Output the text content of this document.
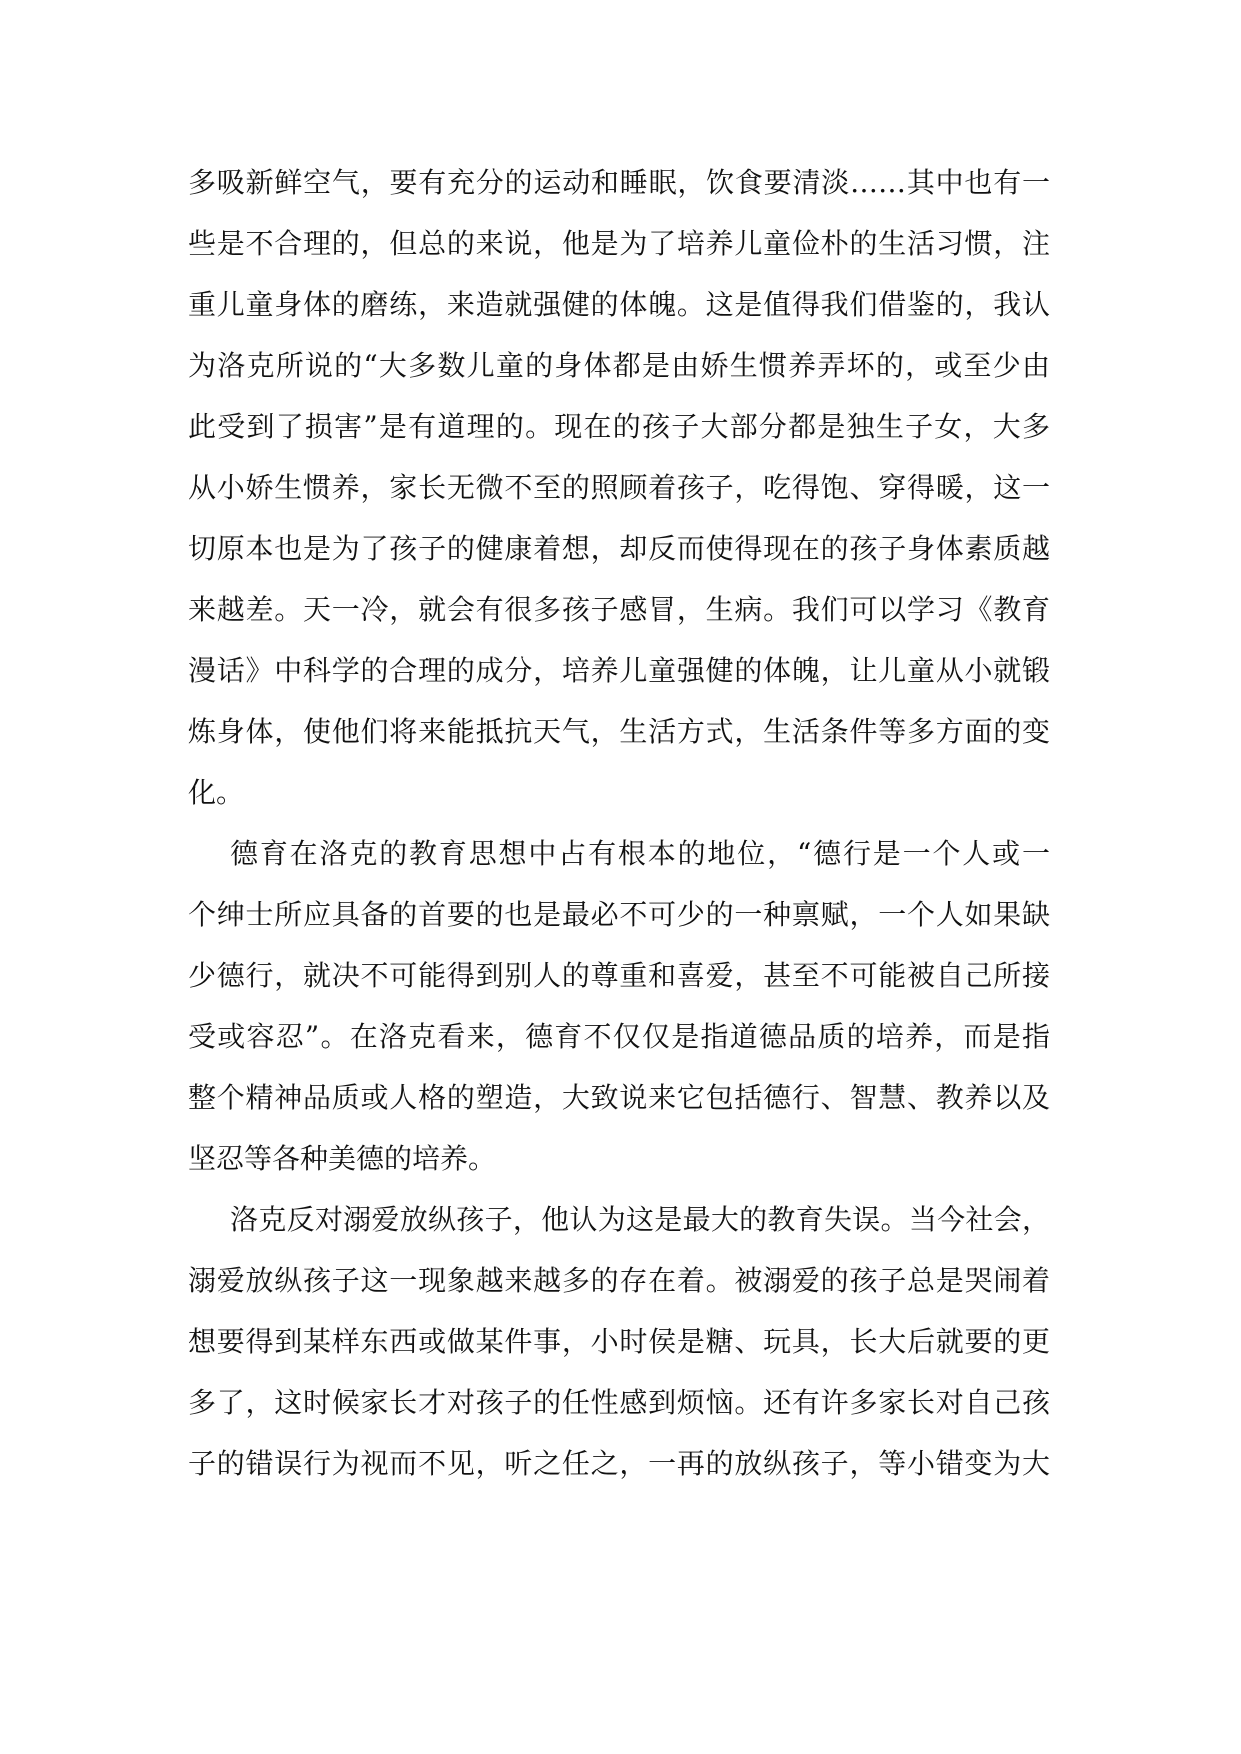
多吸新鲜空气，要有充分的运动和睡眠，饮食要清淡……其中也有一
些是不合理的，但总的来说，他是为了培养儿童俭朴的生活习惯，注
重儿童身体的磨练，来造就强健的体魄。这是值得我们借鉴的，我认
为洛克所说的“大多数儿童的身体都是由娇生惯养弄坏的，或至少由
此受到了损害”是有道理的。现在的孩子大部分都是独生子女，大多
从小娇生惯养，家长无微不至的照顾着孩子，吃得饱、穿得暖，这一
切原本也是为了孩子的健康着想，却反而使得现在的孩子身体素质越
来越差。天一冷，就会有很多孩子感冒，生病。我们可以学习《教育
漫话》中科学的合理的成分，培养儿童强健的体魄，让儿童从小就锻
炼身体，使他们将来能抵抗天气，生活方式，生活条件等多方面的变
化。
德育在洛克的教育思想中占有根本的地位，“德行是一个人或一
个绅士所应具备的首要的也是最必不可少的一种禀赋，一个人如果缺
少德行，就决不可能得到别人的尊重和喜爱，甚至不可能被自己所接
受或容忍”。在洛克看来，德育不仅仅是指道德品质的培养，而是指
整个精神品质或人格的塑造，大致说来它包括德行、智慧、教养以及
坚忍等各种美德的培养。
洛克反对溺爱放纵孩子，他认为这是最大的教育失误。当今社会，
溺爱放纵孩子这一现象越来越多的存在着。被溺爱的孩子总是哭闹着
想要得到某样东西或做某件事，小时侯是糖、玩具，长大后就要的更
多了，这时候家长才对孩子的任性感到烦恼。还有许多家长对自己孩
子的错误行为视而不见，听之任之，一再的放纵孩子，等小错变为大
